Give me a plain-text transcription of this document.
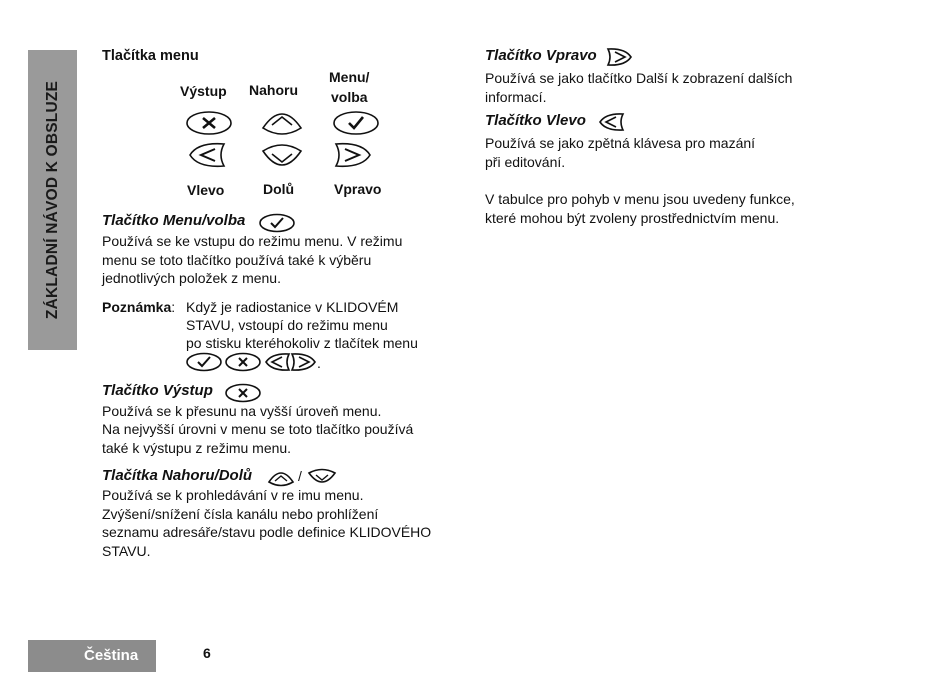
ZÁKLADNÍ NÁVOD K OBSLUZE
Tlačítka menu
Výstup Nahoru
Menu/
volba
Vlevo	Dolů	Vpravo
Tlačítko Menu/volba
Používá se ke vstupu do režimu menu. V režimu
menu se toto tlačítko používá také k výběru
jednotlivých položek z menu.
Poznámka: Když je radiostanice v KLIDOVÉM
STAVU, vstoupí do režimu menu
po stisku kteréhokoliv z tlačítek menu
.
Tlačítko Výstup
Používá se k přesunu na vyšší úroveň menu.
Na nejvyšší úrovni v menu se toto tlačítko používá
také k výstupu z režimu menu.
Tlačítka Nahoru/Dolů	/
Používá se k prohledávání v re imu menu.
Zvýšení/snížení čísla kanálu nebo prohlížení
seznamu adresáře/stavu podle definice KLIDOVÉHO
STAVU.
Tlačítko Vpravo
Používá se jako tlačítko Další k zobrazení dalších
informací.
Tlačítko Vlevo
Používá se jako zpětná klávesa pro mazání
při editování.
V tabulce pro pohyb v menu jsou uvedeny funkce,
které mohou být zvoleny prostřednictvím menu.
Čeština	6
